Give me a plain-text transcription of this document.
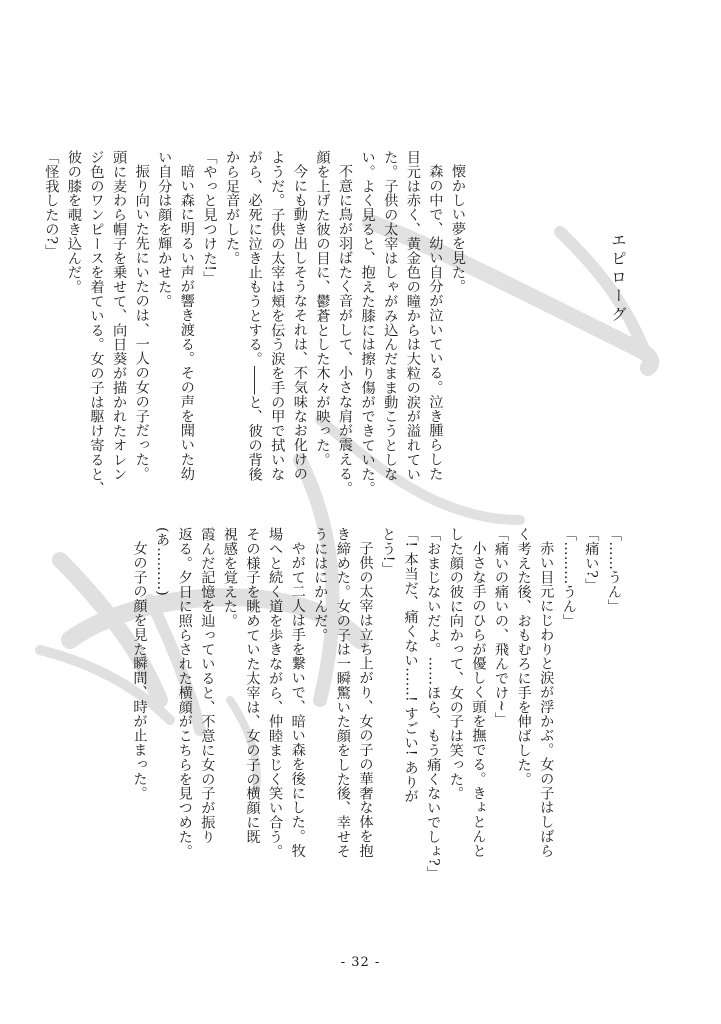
エピローグ

懐かしい夢を見た。

森の中で、幼い自分が泣いている。泣き腫らした

目元は赤く、黄金色の瞳からは大粒の涙が溢れてい

た。子供の太宰はしゃがみ込んだまま動こうとしな

い。よく見ると、抱えた膝には擦り傷ができていた。

不意に鳥が羽ばたく音がして、小さな肩が震える。

顔を上げた彼の目に、鬱蒼とした木々が映った。

今にも動き出しそうなそれは、不気味なお化けの

ようだ。子供の太宰は頬を伝う涙を手の甲で拭いな

がら、必死に泣き止もうとする。――と、彼の背後

から足音がした。

「やっと見つけた!」

暗い森に明るい声が響き渡る。その声を聞いた幼

い自分は顔を輝かせた。

振り向いた先にいたのは、一人の女の子だった。

頭に麦わら帽子を乗せて、向日葵が描かれたオレン

ジ色のワンピースを着ている。女の子は駆け寄ると、

彼の膝を覗き込んだ。

「怪我したの?」

「……うん」

「痛い?」

「………うん」

赤い目元にじわりと涙が浮かぶ。女の子はしばら

く考えた後、おもむろに手を伸ばした。

「痛いの痛いの、飛んでけ~」

小さな手のひらが優しく頭を撫でる。きょとんと

した顔の彼に向かって、女の子は笑った。

「おまじないだよ。……ほら、もう痛くないでしょ?」

「! 本当だ、痛くない……! すごい! ありが

とう!」

子供の太宰は立ち上がり、女の子の華奢な体を抱

き締めた。女の子は一瞬驚いた顔をした後、幸せそ

うにはにかんだ。

やがて二人は手を繋いで、暗い森を後にした。牧

場へと続く道を歩きながら、仲睦まじく笑い合う。

その様子を眺めていた太宰は、女の子の横顔に既

視感を覚えた。

霞んだ記憶を辿っていると、不意に女の子が振り

返る。夕日に照らされた横顔がこちらを見つめた。

(あ………)

女の子の顔を見た瞬間、時が止まった。

- 32 -
